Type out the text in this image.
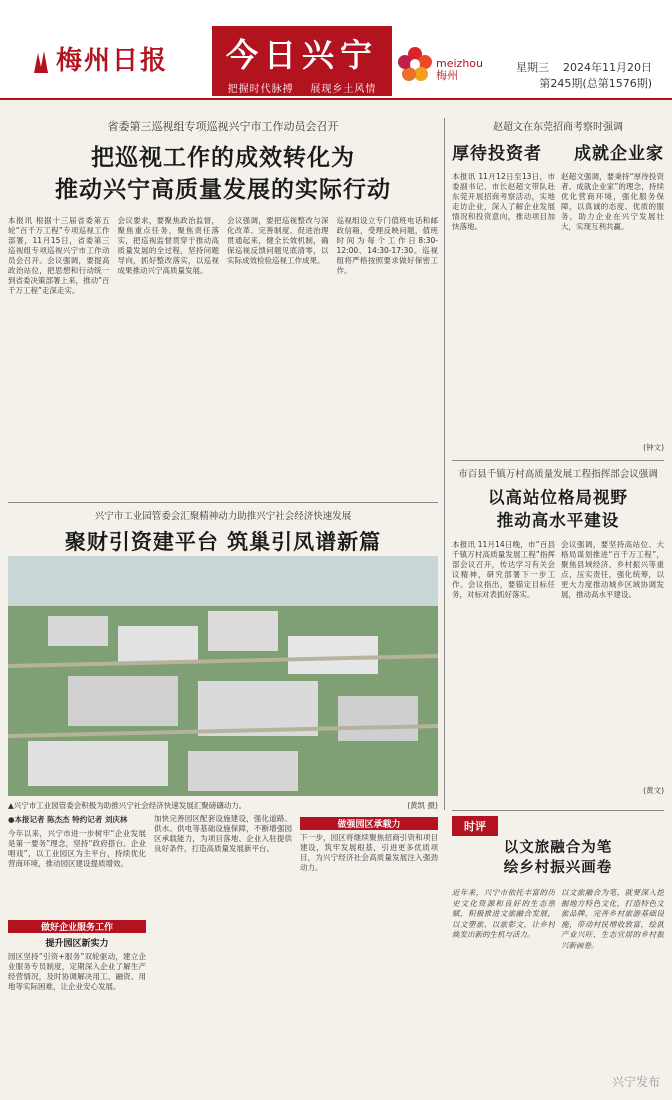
梅州日报	今日兴宁
把握时代脉搏 展现乡土风情
meizhou
梅州
星期三 2024年11月20日
第245期(总第1576期)
省委第三巡视组专项巡视兴宁市工作动员会召开
把巡视工作的成效转化为
推动兴宁高质量发展的实际行动
本报讯 根据十三届省委第五轮“百千万工程”专项巡视工作部署，11月15日，省委第三巡视组专项巡视兴宁市工作动员会召开。会议强调，要提高政治站位，把思想和行动统一到省委决策部署上来，推动“百千万工程”走深走实。
会议要求，要聚焦政治监督，聚焦重点任务，聚焦责任落实，把巡视监督贯穿于推动高质量发展的全过程，坚持问题导向，抓好整改落实，以巡视成果推动兴宁高质量发展。
会议强调，要把巡视整改与深化改革、完善制度、促进治理贯通起来，健全长效机制，确保巡视反馈问题见底清零，以实际成效检验巡视工作成果。
巡视组设立专门值班电话和邮政信箱，受理反映问题，值班时间为每个工作日8:30-12:00、14:30-17:30。巡视组将严格按照要求做好保密工作。
赵超文在东莞招商考察时强调
厚待投资者 成就企业家
本报讯 11月12日至13日，市委副书记、市长赵超文带队赴东莞开展招商考察活动，实地走访企业，深入了解企业发展情况和投资意向，推动项目加快落地。
赵超文强调，要秉持“厚待投资者、成就企业家”的理念，持续优化营商环境，强化服务保障，以真诚的态度、优质的服务，助力企业在兴宁发展壮大，实现互利共赢。
(钟文)
市百县千镇万村高质量发展工程指挥部会议强调
以高站位格局视野
推动高水平建设
本报讯 11月14日晚，市“百县千镇万村高质量发展工程”指挥部会议召开，传达学习有关会议精神，研究部署下一步工作。会议指出，要锚定目标任务，对标对表抓好落实。
会议强调，要坚持高站位、大格局谋划推进“百千万工程”，聚焦县域经济、乡村振兴等重点，压实责任，强化统筹，以更大力度推动城乡区域协调发展，推动高水平建设。
(黄文)
兴宁市工业园管委会汇聚精神动力助推兴宁社会经济快速发展
聚财引资建平台 筑巢引凤谱新篇
▲兴宁市工业园管委会积极为助推兴宁社会经济快速发展汇聚磅礴动力。	(黄凯 摄)
●本报记者 陈杰杰 特约记者 刘庆林
今年以来，兴宁市进一步树牢“企业发展是第一要务”理念，坚持“政府搭台、企业唱戏”，以工业园区为主平台，持续优化营商环境，推动园区建设提质增效。
做好企业服务工作
提升园区新实力
园区坚持“引资+服务”双轮驱动，建立企业服务专员制度，定期深入企业了解生产经营情况，及时协调解决用工、融资、用地等实际困难，让企业安心发展。
加快完善园区配套设施建设，强化道路、供水、供电等基础设施保障，不断增强园区承载能力，为项目落地、企业入驻提供良好条件，打造高质量发展新平台。
做强园区承载力
下一步，园区将继续聚焦招商引资和项目建设，筑牢发展根基，引进更多优质项目，为兴宁经济社会高质量发展注入强劲动力。
时评
以文旅融合为笔
绘乡村振兴画卷
近年来，兴宁市依托丰富的历史文化资源和良好的生态禀赋，积极推进文旅融合发展，以文塑旅、以旅彰文，让乡村焕发出新的生机与活力。
以文旅融合为笔，就要深入挖掘地方特色文化，打造特色文旅品牌，完善乡村旅游基础设施，带动村民增收致富，绘就产业兴旺、生态宜居的乡村振兴新画卷。
兴宁发布
